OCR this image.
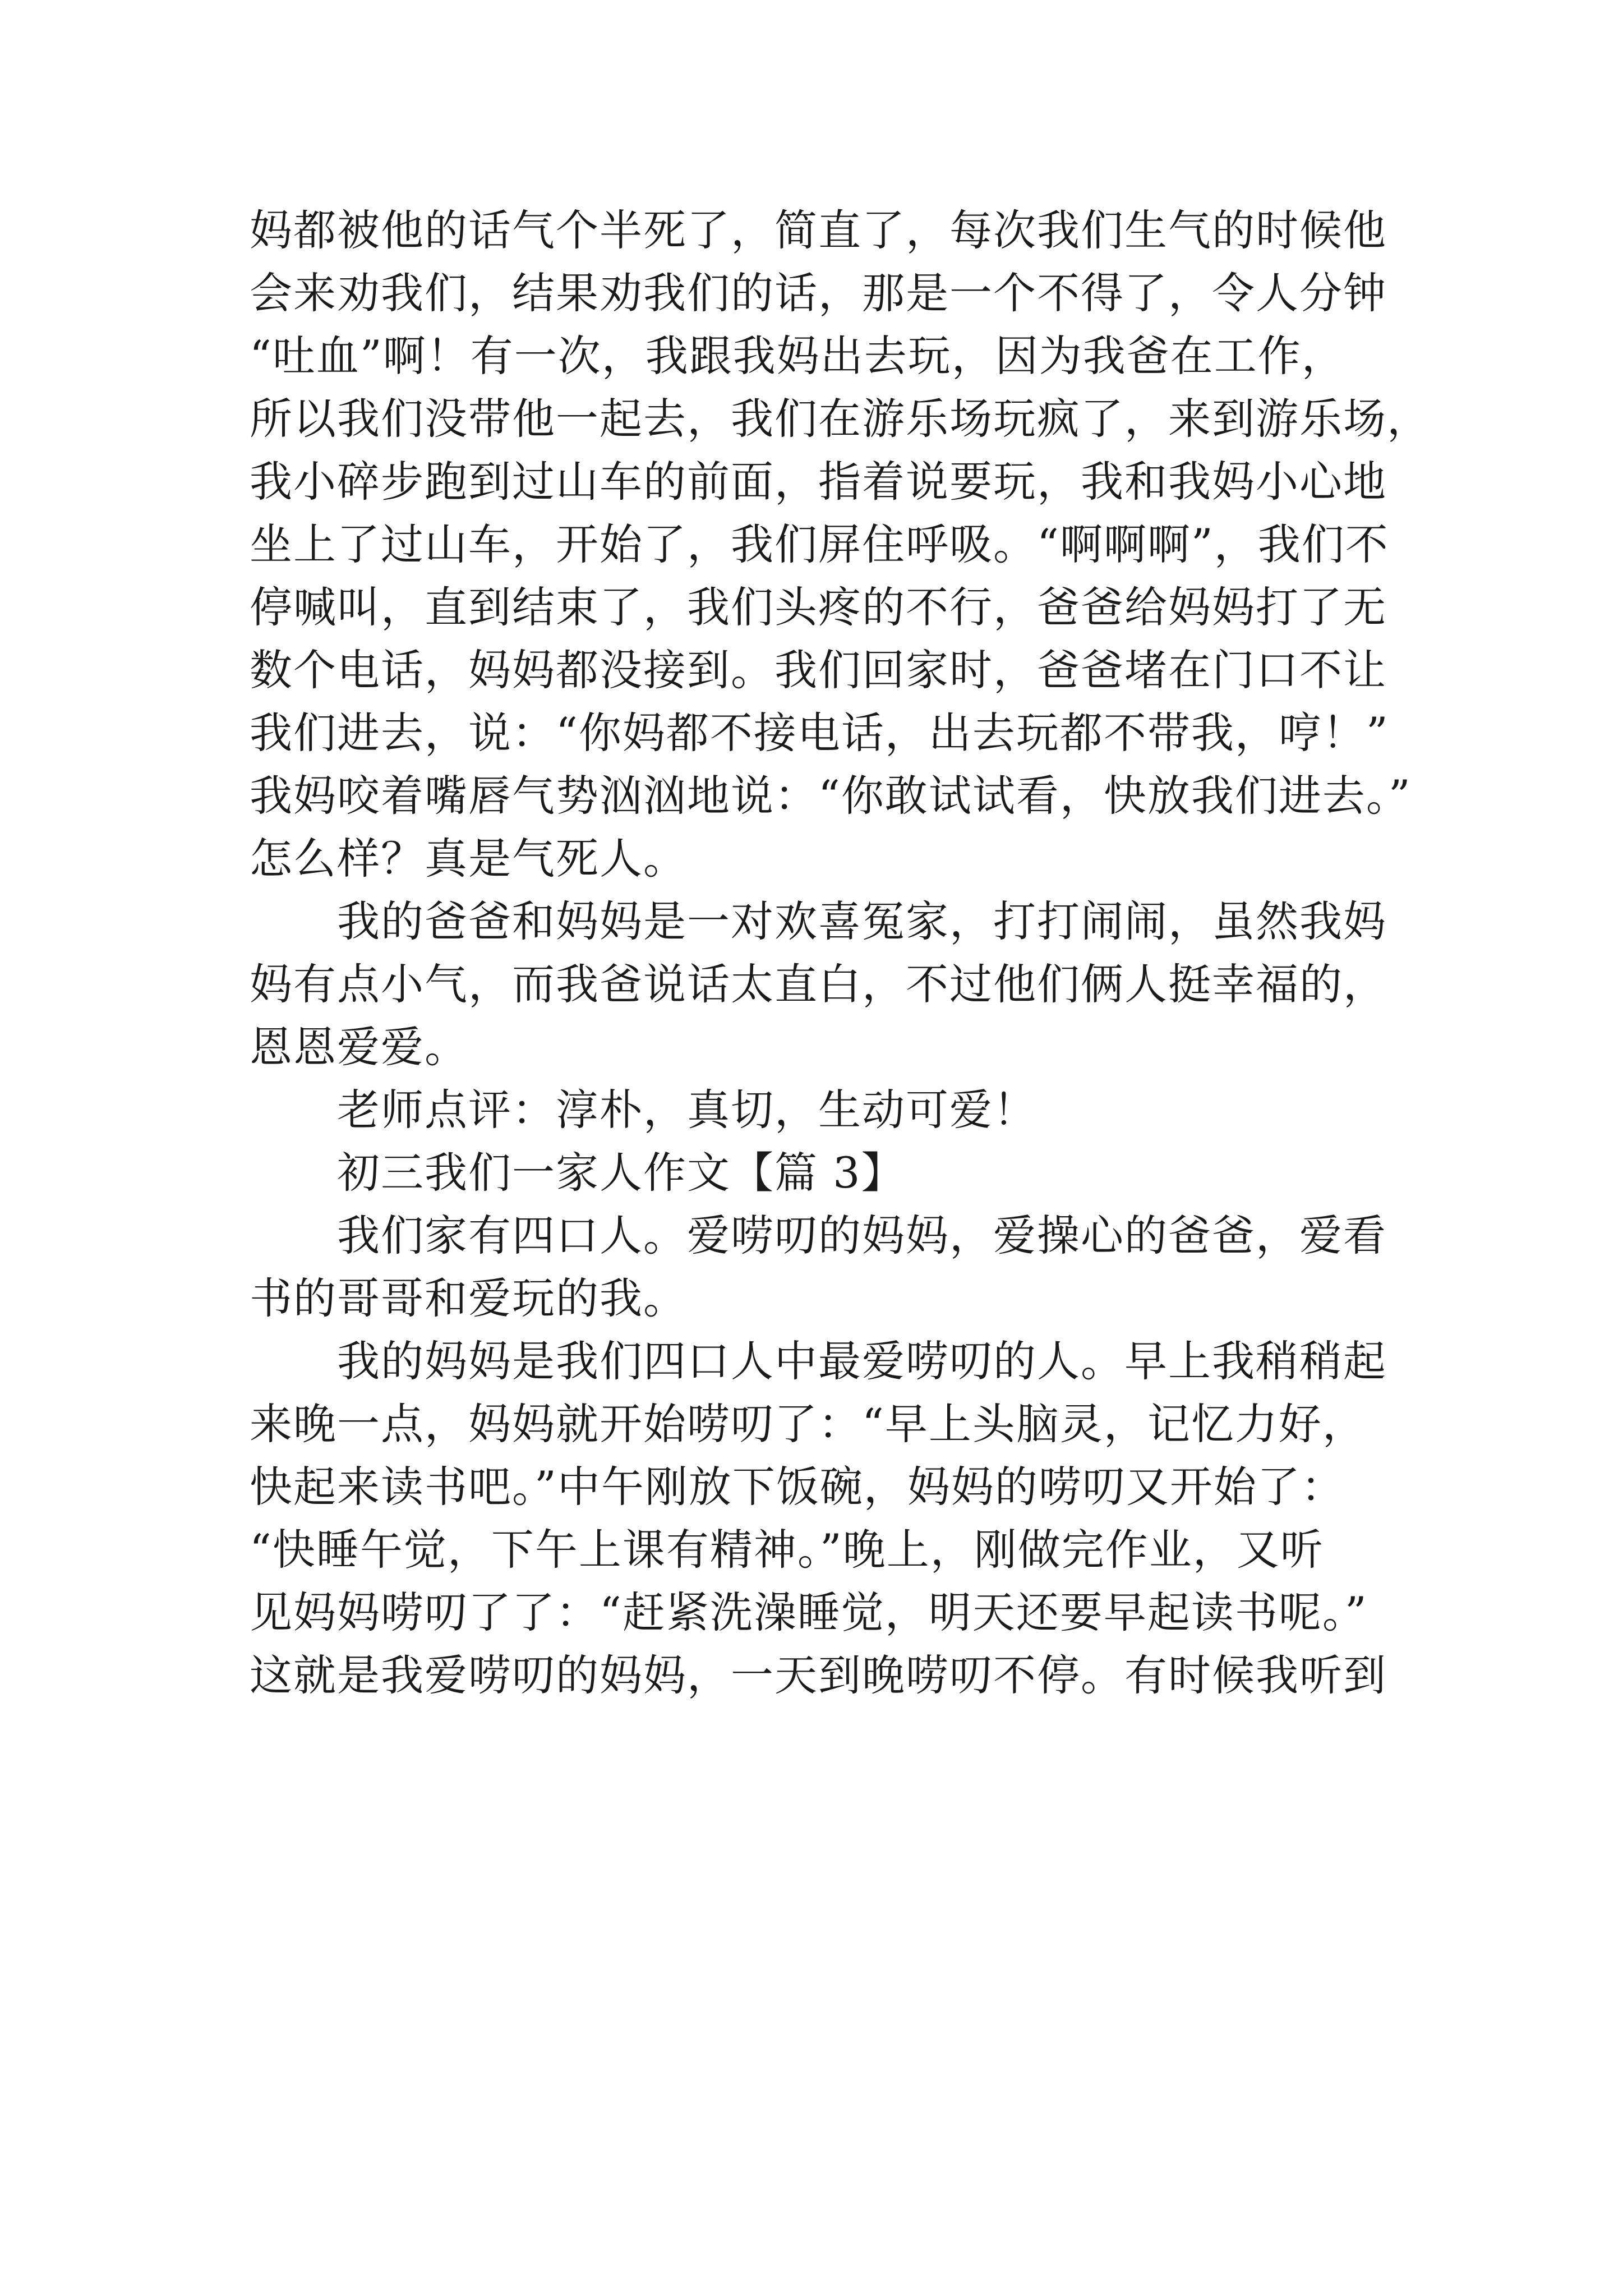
妈都被他的话气个半死了，简直了，每次我们生气的时候他
会来劝我们，结果劝我们的话，那是一个不得了，令人分钟
“吐血”啊！有一次，我跟我妈出去玩，因为我爸在工作，
所以我们没带他一起去，我们在游乐场玩疯了，来到游乐场，
我小碎步跑到过山车的前面，指着说要玩，我和我妈小心地
坐上了过山车，开始了，我们屏住呼吸。“啊啊啊”，我们不
停喊叫，直到结束了，我们头疼的不行，爸爸给妈妈打了无
数个电话，妈妈都没接到。我们回家时，爸爸堵在门口不让
我们进去，说：“你妈都不接电话，出去玩都不带我，哼！”
我妈咬着嘴唇气势汹汹地说：“你敢试试看，快放我们进去。”
怎么样？真是气死人。
我的爸爸和妈妈是一对欢喜冤家，打打闹闹，虽然我妈
妈有点小气，而我爸说话太直白，不过他们俩人挺幸福的，
恩恩爱爱。
老师点评：淳朴，真切，生动可爱！
初三我们一家人作文【篇 3】
我们家有四口人。爱唠叨的妈妈，爱操心的爸爸，爱看
书的哥哥和爱玩的我。
我的妈妈是我们四口人中最爱唠叨的人。早上我稍稍起
来晚一点，妈妈就开始唠叨了：“早上头脑灵，记忆力好，
快起来读书吧。”中午刚放下饭碗，妈妈的唠叨又开始了：
“快睡午觉，下午上课有精神。”晚上，刚做完作业，又听
见妈妈唠叨了了：“赶紧洗澡睡觉，明天还要早起读书呢。”
这就是我爱唠叨的妈妈，一天到晚唠叨不停。有时候我听到
